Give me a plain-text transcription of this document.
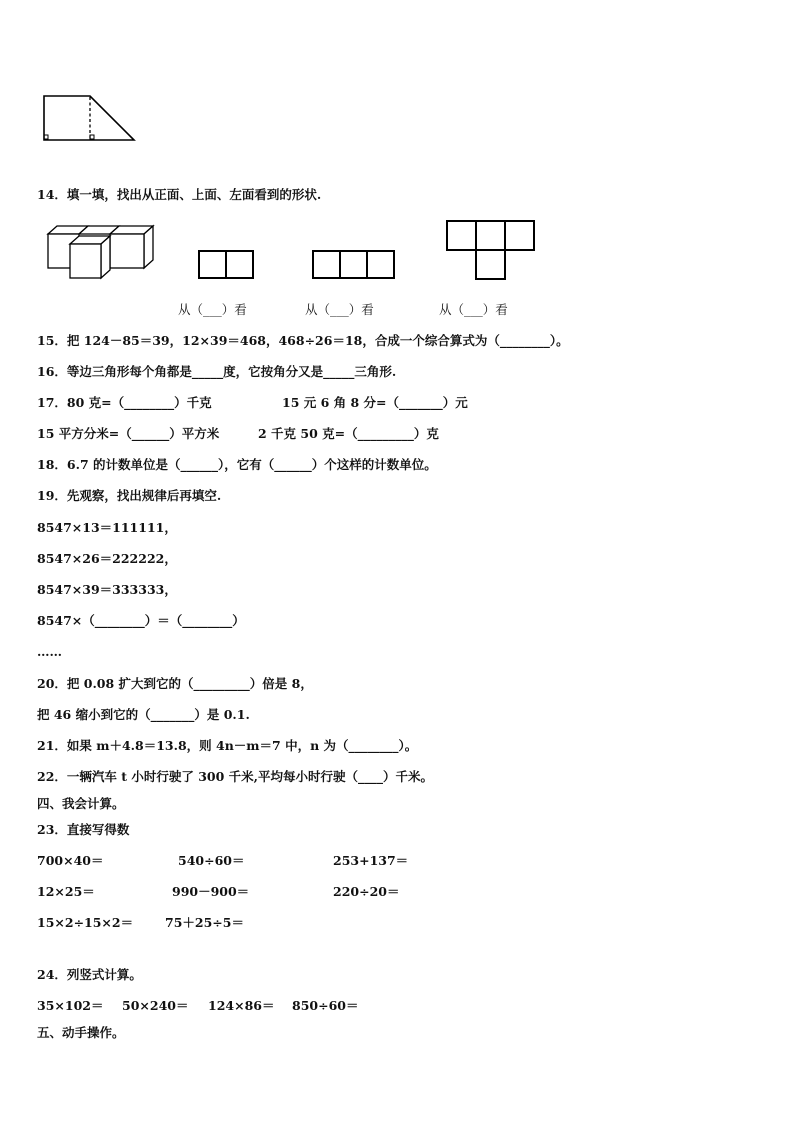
14．填一填，找出从正面、上面、左面看到的形状.
从（___）看	从（___）看	从（___）看
15．把 124－85＝39，12×39＝468，468÷26＝18，合成一个综合算式为（________）。
16．等边三角形每个角都是_____度，它按角分又是_____三角形.
17．80 克=（________）千克	15 元 6 角 8 分=（_______）元
15 平方分米=（______）平方米	2 千克 50 克=（_________）克
18．6.7 的计数单位是（______），它有（______）个这样的计数单位。
19．先观察，找出规律后再填空.
8547×13＝111111，
8547×26＝222222，
8547×39＝333333，
8547×（________）＝（________）
……
20．把 0.08 扩大到它的（_________）倍是 8，
把 46 缩小到它的（_______）是 0.1.
21．如果 m＋4.8＝13.8，则 4n－m＝7 中，n 为（________）。
22．一辆汽车 t 小时行驶了 300 千米,平均每小时行驶（____）千米。
四、我会计算。
23．直接写得数
700×40＝	540÷60＝	253+137＝
12×25＝	990－900＝	220÷20＝
15×2÷15×2＝	75＋25÷5＝
24．列竖式计算。
35×102＝ 50×240＝ 124×86＝ 850÷60＝
五、动手操作。
